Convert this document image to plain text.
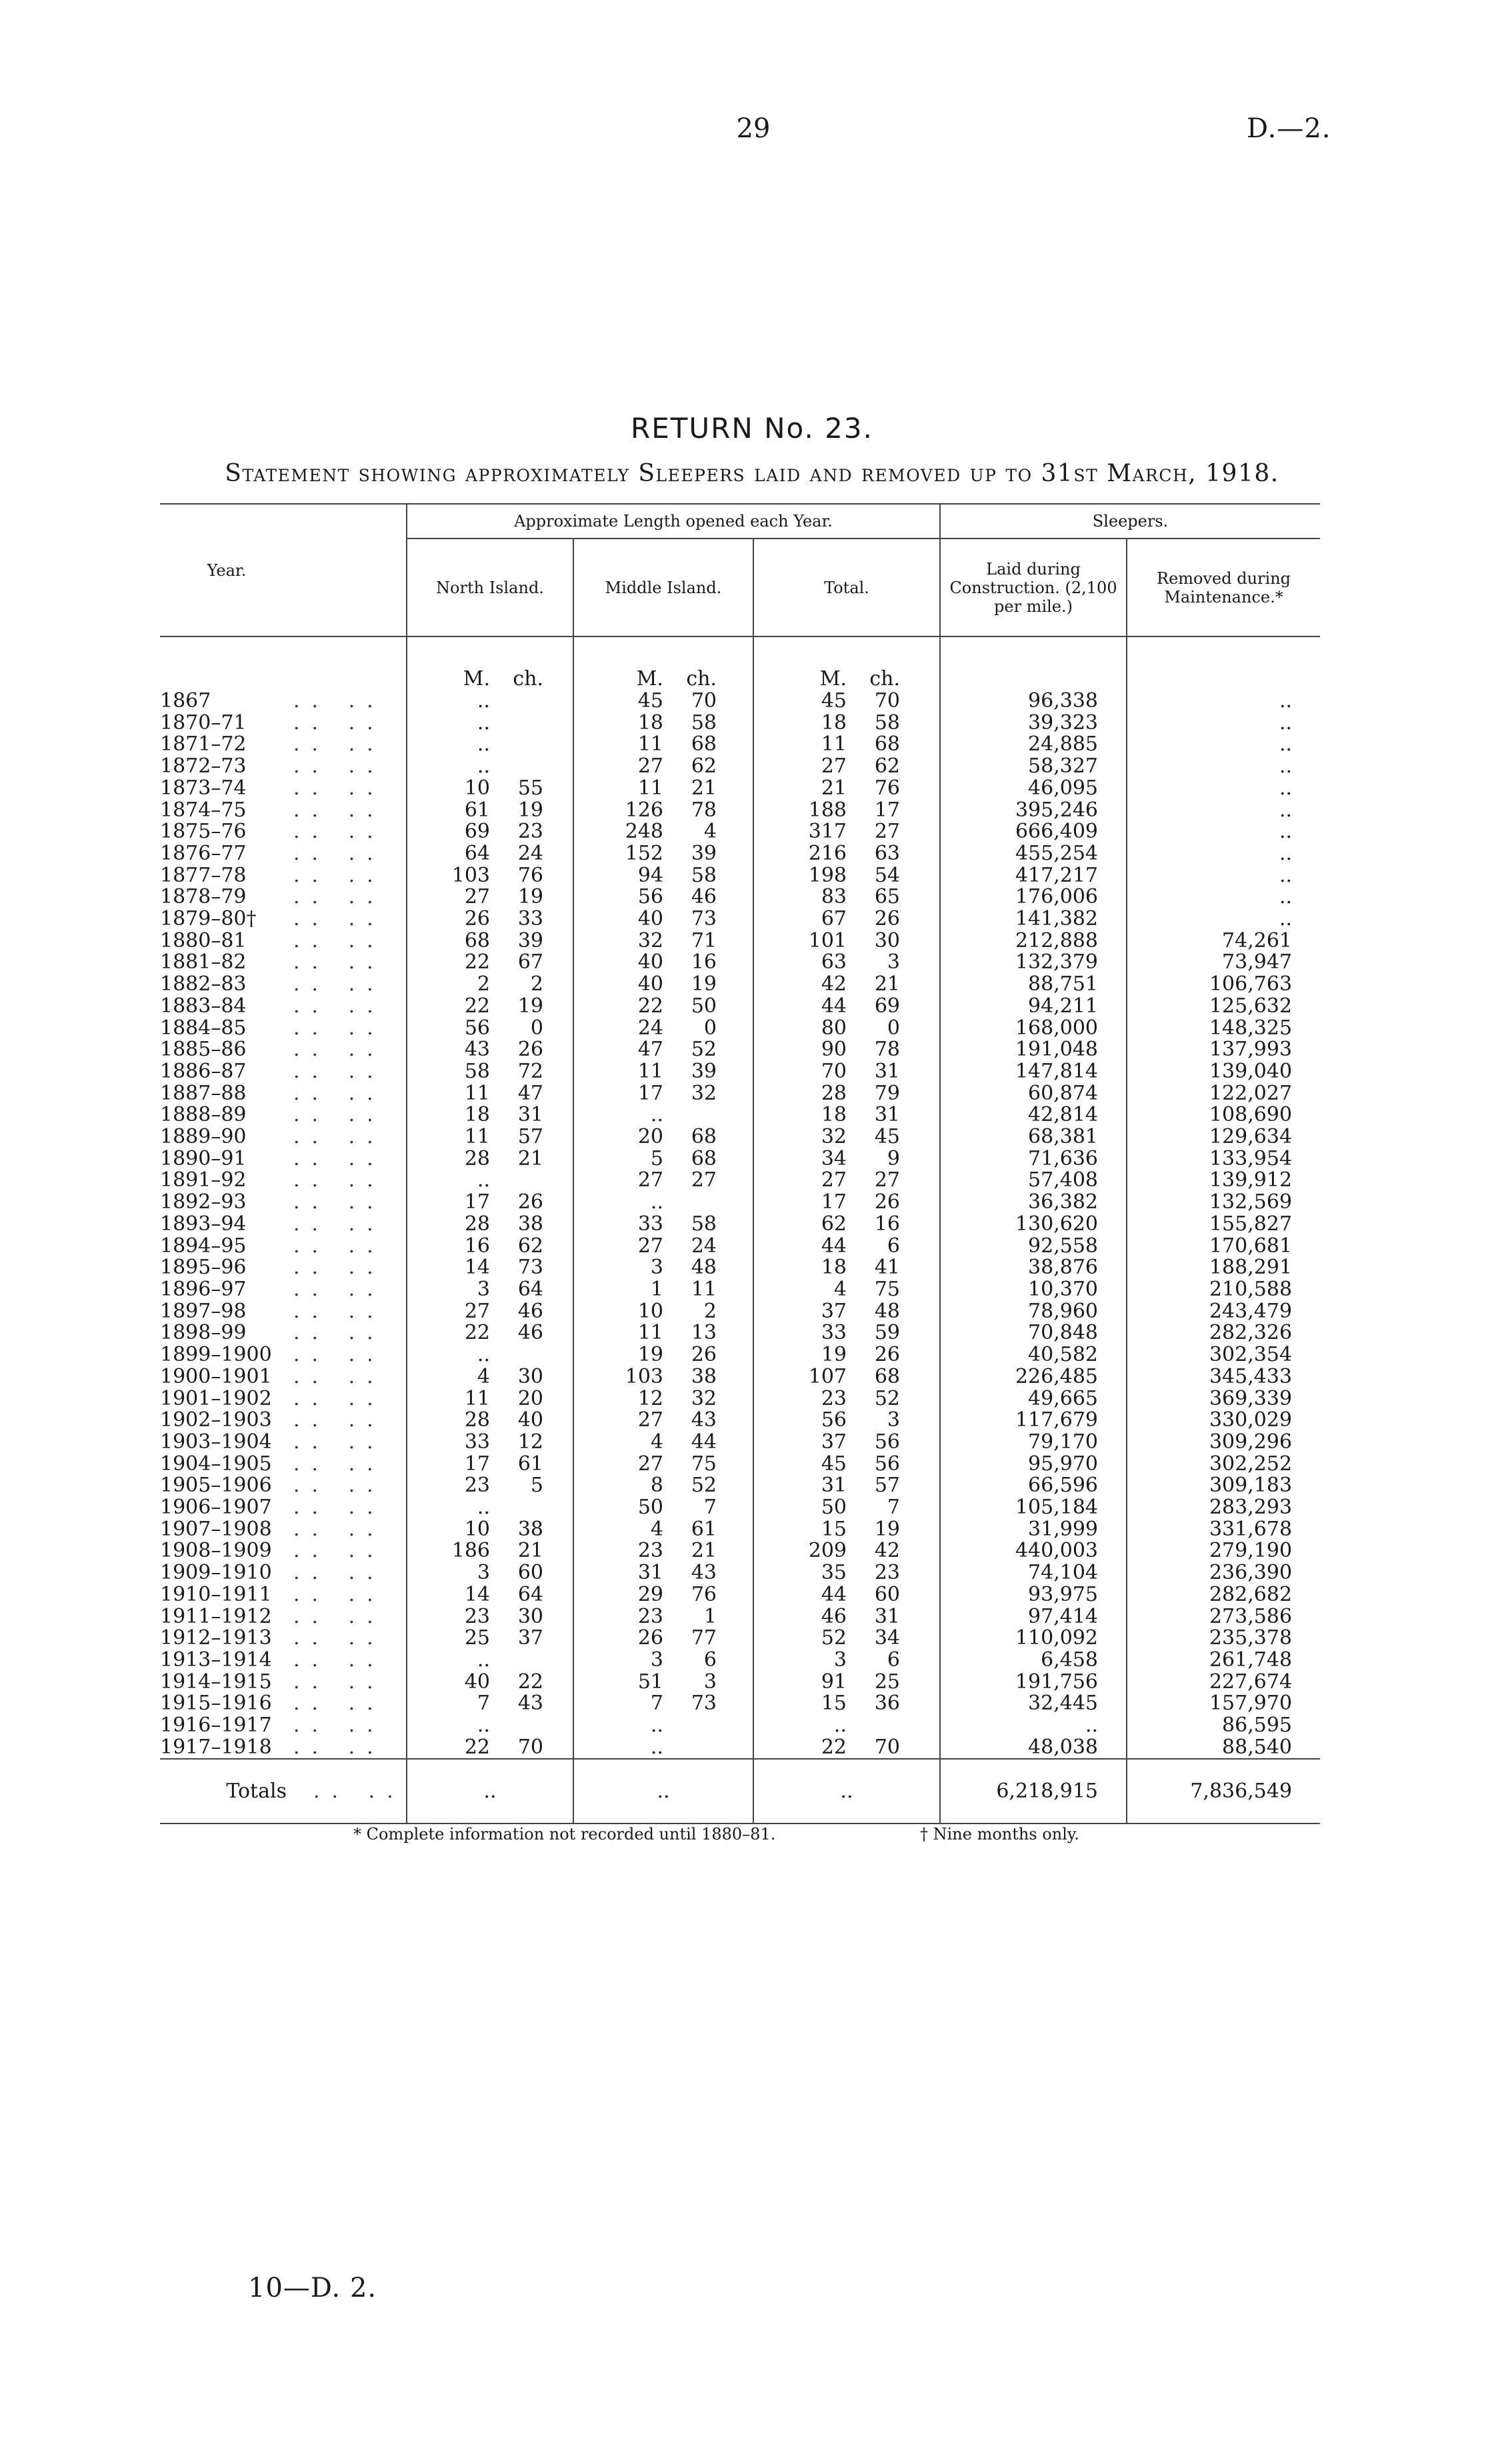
29	D.—2.
RETURN No. 23.
Statement showing approximately Sleepers laid and removed up to 31st March, 1918.
Year.		Approximate Length opened each Year.			Sleepers.	
		North Island.	Middle Island.	Total.	Laid during Construction. (2,100 per mile.)	Removed during Maintenance.*
		M. ch.	M. ch.	M. ch.		
1867	.. ..	..	45 70	45 70	96,338	..
1870–71	.. ..	..	18 58	18 58	39,323	..
1871–72	.. ..	..	11 68	11 68	24,885	..
1872–73	.. ..	..	27 62	27 62	58,327	..
1873–74	.. ..	10 55	11 21	21 76	46,095	..
1874–75	.. ..	61 19	126 78	188 17	395,246	..
1875–76	.. ..	69 23	248 4	317 27	666,409	..
1876–77	.. ..	64 24	152 39	216 63	455,254	..
1877–78	.. ..	103 76	94 58	198 54	417,217	..
1878–79	.. ..	27 19	56 46	83 65	176,006	..
1879–80†	.. ..	26 33	40 73	67 26	141,382	..
1880–81	.. ..	68 39	32 71	101 30	212,888	74,261
1881–82	.. ..	22 67	40 16	63 3	132,379	73,947
1882–83	.. ..	2 2	40 19	42 21	88,751	106,763
1883–84	.. ..	22 19	22 50	44 69	94,211	125,632
1884–85	.. ..	56 0	24 0	80 0	168,000	148,325
1885–86	.. ..	43 26	47 52	90 78	191,048	137,993
1886–87	.. ..	58 72	11 39	70 31	147,814	139,040
1887–88	.. ..	11 47	17 32	28 79	60,874	122,027
1888–89	.. ..	18 31	..	18 31	42,814	108,690
1889–90	.. ..	11 57	20 68	32 45	68,381	129,634
1890–91	.. ..	28 21	5 68	34 9	71,636	133,954
1891–92	.. ..	..	27 27	27 27	57,408	139,912
1892–93	.. ..	17 26	..	17 26	36,382	132,569
1893–94	.. ..	28 38	33 58	62 16	130,620	155,827
1894–95	.. ..	16 62	27 24	44 6	92,558	170,681
1895–96	.. ..	14 73	3 48	18 41	38,876	188,291
1896–97	.. ..	3 64	1 11	4 75	10,370	210,588
1897–98	.. ..	27 46	10 2	37 48	78,960	243,479
1898–99	.. ..	22 46	11 13	33 59	70,848	282,326
1899–1900	.. ..	..	19 26	19 26	40,582	302,354
1900–1901	.. ..	4 30	103 38	107 68	226,485	345,433
1901–1902	.. ..	11 20	12 32	23 52	49,665	369,339
1902–1903	.. ..	28 40	27 43	56 3	117,679	330,029
1903–1904	.. ..	33 12	4 44	37 56	79,170	309,296
1904–1905	.. ..	17 61	27 75	45 56	95,970	302,252
1905–1906	.. ..	23 5	8 52	31 57	66,596	309,183
1906–1907	.. ..	..	50 7	50 7	105,184	283,293
1907–1908	.. ..	10 38	4 61	15 19	31,999	331,678
1908–1909	.. ..	186 21	23 21	209 42	440,003	279,190
1909–1910	.. ..	3 60	31 43	35 23	74,104	236,390
1910–1911	.. ..	14 64	29 76	44 60	93,975	282,682
1911–1912	.. ..	23 30	23 1	46 31	97,414	273,586
1912–1913	.. ..	25 37	26 77	52 34	110,092	235,378
1913–1914	.. ..	..	3 6	3 6	6,458	261,748
1914–1915	.. ..	40 22	51 3	91 25	191,756	227,674
1915–1916	.. ..	7 43	7 73	15 36	32,445	157,970
1916–1917	.. ..	..	..	..	..	86,595
1917–1918	.. ..	22 70	..	22 70	48,038	88,540
Totals	.. ..	..	..	..	6,218,915	7,836,549

* Complete information not recorded until 1880–81.	† Nine months only.
10—D. 2.
